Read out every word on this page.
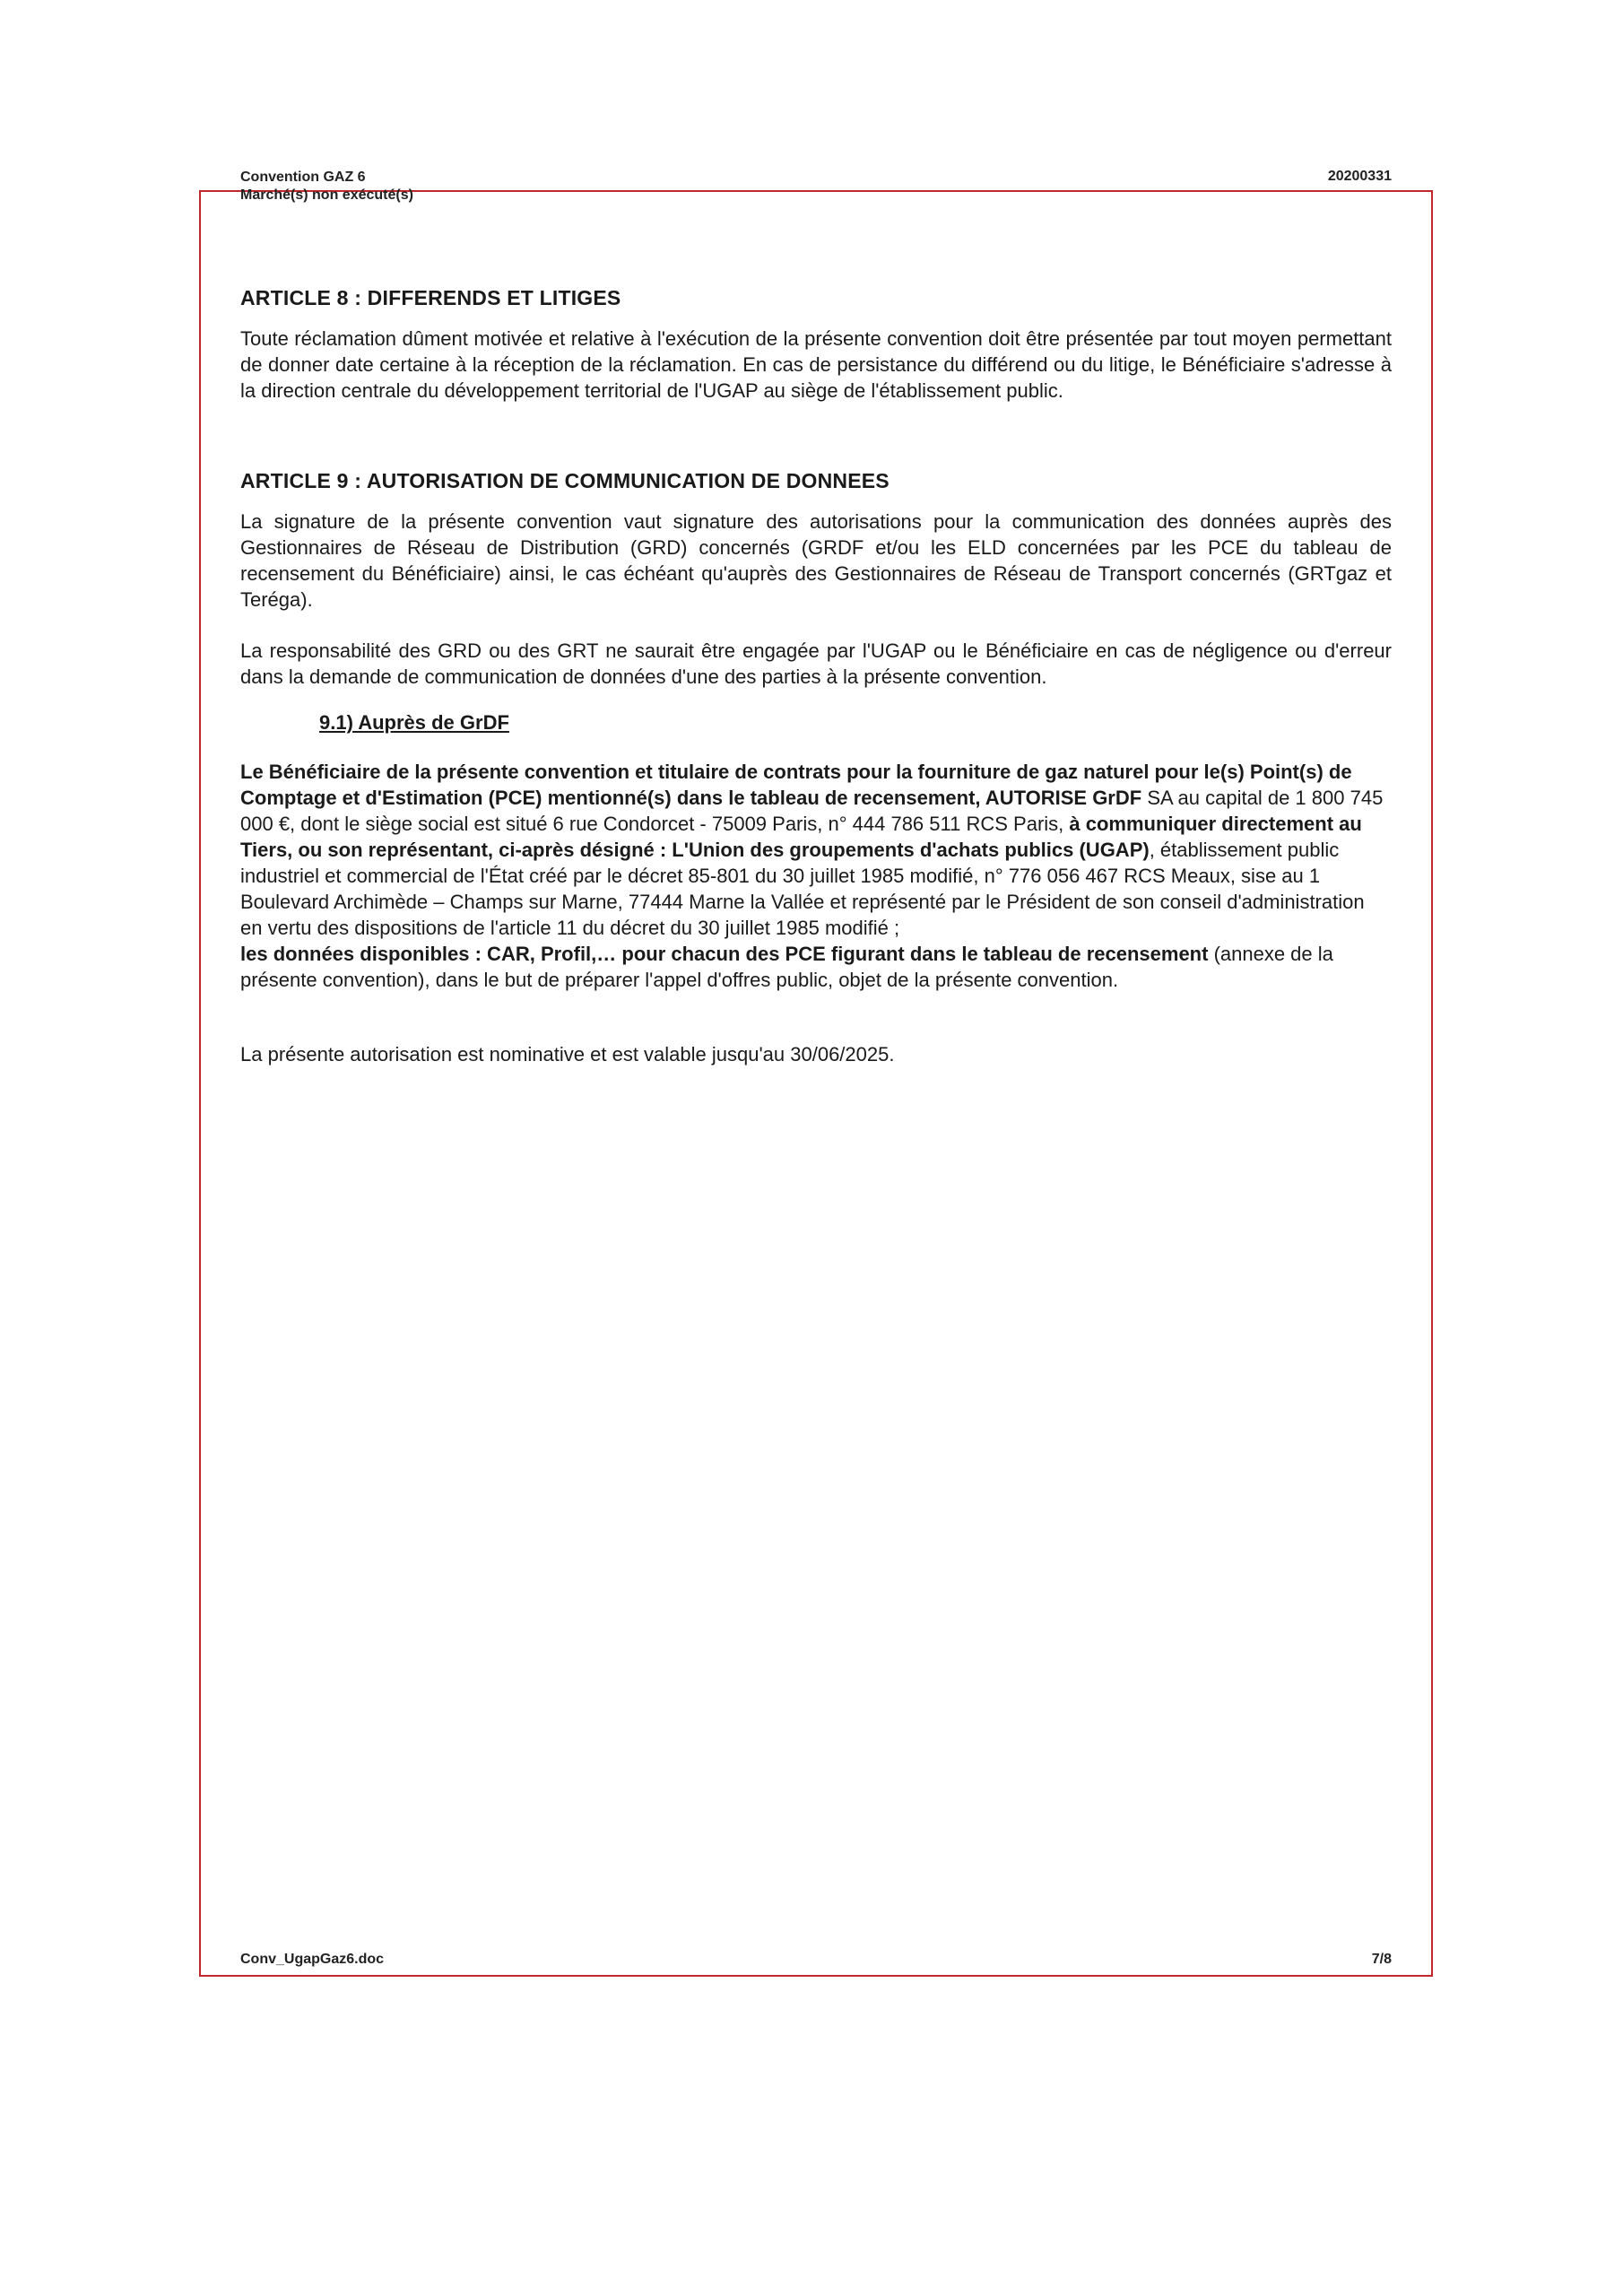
Convention GAZ 6
Marché(s) non exécuté(s)
20200331
ARTICLE 8 : DIFFERENDS ET LITIGES

Toute réclamation dûment motivée et relative à l'exécution de la présente convention doit être présentée par tout moyen permettant de donner date certaine à la réception de la réclamation. En cas de persistance du différend ou du litige, le Bénéficiaire s'adresse à la direction centrale du développement territorial de l'UGAP au siège de l'établissement public.

ARTICLE 9 : AUTORISATION DE COMMUNICATION DE DONNEES

La signature de la présente convention vaut signature des autorisations pour la communication des données auprès des Gestionnaires de Réseau de Distribution (GRD) concernés (GRDF et/ou les ELD concernées par les PCE du tableau de recensement du Bénéficiaire) ainsi, le cas échéant qu'auprès des Gestionnaires de Réseau de Transport concernés (GRTgaz et Teréga).

La responsabilité des GRD ou des GRT ne saurait être engagée par l'UGAP ou le Bénéficiaire en cas de négligence ou d'erreur dans la demande de communication de données d'une des parties à la présente convention.

9.1) Auprès de GrDF

Le Bénéficiaire de la présente convention et titulaire de contrats pour la fourniture de gaz naturel pour le(s) Point(s) de Comptage et d'Estimation (PCE) mentionné(s) dans le tableau de recensement, AUTORISE GrDF SA au capital de 1 800 745 000 €, dont le siège social est situé 6 rue Condorcet - 75009 Paris, n° 444 786 511 RCS Paris, à communiquer directement au Tiers, ou son représentant, ci-après désigné : L'Union des groupements d'achats publics (UGAP), établissement public industriel et commercial de l'État créé par le décret 85-801 du 30 juillet 1985 modifié, n° 776 056 467 RCS Meaux, sise au 1 Boulevard Archimède – Champs sur Marne, 77444 Marne la Vallée et représenté par le Président de son conseil d'administration en vertu des dispositions de l'article 11 du décret du 30 juillet 1985 modifié ;
les données disponibles : CAR, Profil,… pour chacun des PCE figurant dans le tableau de recensement (annexe de la présente convention), dans le but de préparer l'appel d'offres public, objet de la présente convention.

La présente autorisation est nominative et est valable jusqu'au 30/06/2025.

Conv_UgapGaz6.doc	7/8
